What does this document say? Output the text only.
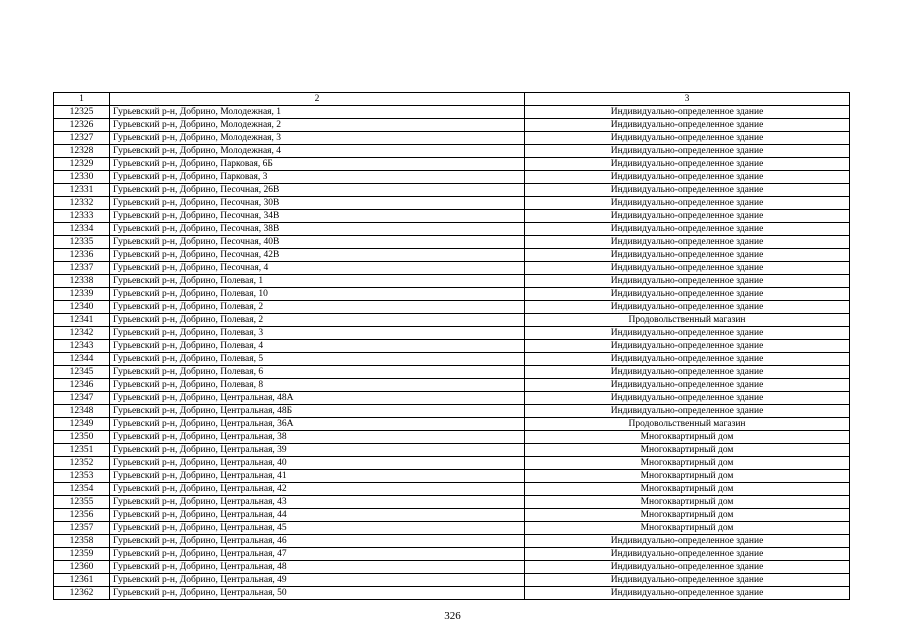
1	2	3
12325	Гурьевский р-н, Добрино, Молодежная, 1	Индивидуально-определенное здание
12326	Гурьевский р-н, Добрино, Молодежная, 2	Индивидуально-определенное здание
12327	Гурьевский р-н, Добрино, Молодежная, 3	Индивидуально-определенное здание
12328	Гурьевский р-н, Добрино, Молодежная, 4	Индивидуально-определенное здание
12329	Гурьевский р-н, Добрино, Парковая, 6Б	Индивидуально-определенное здание
12330	Гурьевский р-н, Добрино, Парковая, 3	Индивидуально-определенное здание
12331	Гурьевский р-н, Добрино, Песочная, 26В	Индивидуально-определенное здание
12332	Гурьевский р-н, Добрино, Песочная, 30В	Индивидуально-определенное здание
12333	Гурьевский р-н, Добрино, Песочная, 34В	Индивидуально-определенное здание
12334	Гурьевский р-н, Добрино, Песочная, 38В	Индивидуально-определенное здание
12335	Гурьевский р-н, Добрино, Песочная, 40В	Индивидуально-определенное здание
12336	Гурьевский р-н, Добрино, Песочная, 42В	Индивидуально-определенное здание
12337	Гурьевский р-н, Добрино, Песочная, 4	Индивидуально-определенное здание
12338	Гурьевский р-н, Добрино, Полевая, 1	Индивидуально-определенное здание
12339	Гурьевский р-н, Добрино, Полевая, 10	Индивидуально-определенное здание
12340	Гурьевский р-н, Добрино, Полевая, 2	Индивидуально-определенное здание
12341	Гурьевский р-н, Добрино, Полевая, 2	Продовольственный магазин
12342	Гурьевский р-н, Добрино, Полевая, 3	Индивидуально-определенное здание
12343	Гурьевский р-н, Добрино, Полевая, 4	Индивидуально-определенное здание
12344	Гурьевский р-н, Добрино, Полевая, 5	Индивидуально-определенное здание
12345	Гурьевский р-н, Добрино, Полевая, 6	Индивидуально-определенное здание
12346	Гурьевский р-н, Добрино, Полевая, 8	Индивидуально-определенное здание
12347	Гурьевский р-н, Добрино, Центральная, 48А	Индивидуально-определенное здание
12348	Гурьевский р-н, Добрино, Центральная, 48Б	Индивидуально-определенное здание
12349	Гурьевский р-н, Добрино, Центральная, 36А	Продовольственный магазин
12350	Гурьевский р-н, Добрино, Центральная, 38	Многоквартирный дом
12351	Гурьевский р-н, Добрино, Центральная, 39	Многоквартирный дом
12352	Гурьевский р-н, Добрино, Центральная, 40	Многоквартирный дом
12353	Гурьевский р-н, Добрино, Центральная, 41	Многоквартирный дом
12354	Гурьевский р-н, Добрино, Центральная, 42	Многоквартирный дом
12355	Гурьевский р-н, Добрино, Центральная, 43	Многоквартирный дом
12356	Гурьевский р-н, Добрино, Центральная, 44	Многоквартирный дом
12357	Гурьевский р-н, Добрино, Центральная, 45	Многоквартирный дом
12358	Гурьевский р-н, Добрино, Центральная, 46	Индивидуально-определенное здание
12359	Гурьевский р-н, Добрино, Центральная, 47	Индивидуально-определенное здание
12360	Гурьевский р-н, Добрино, Центральная, 48	Индивидуально-определенное здание
12361	Гурьевский р-н, Добрино, Центральная, 49	Индивидуально-определенное здание
12362	Гурьевский р-н, Добрино, Центральная, 50	Индивидуально-определенное здание
326
